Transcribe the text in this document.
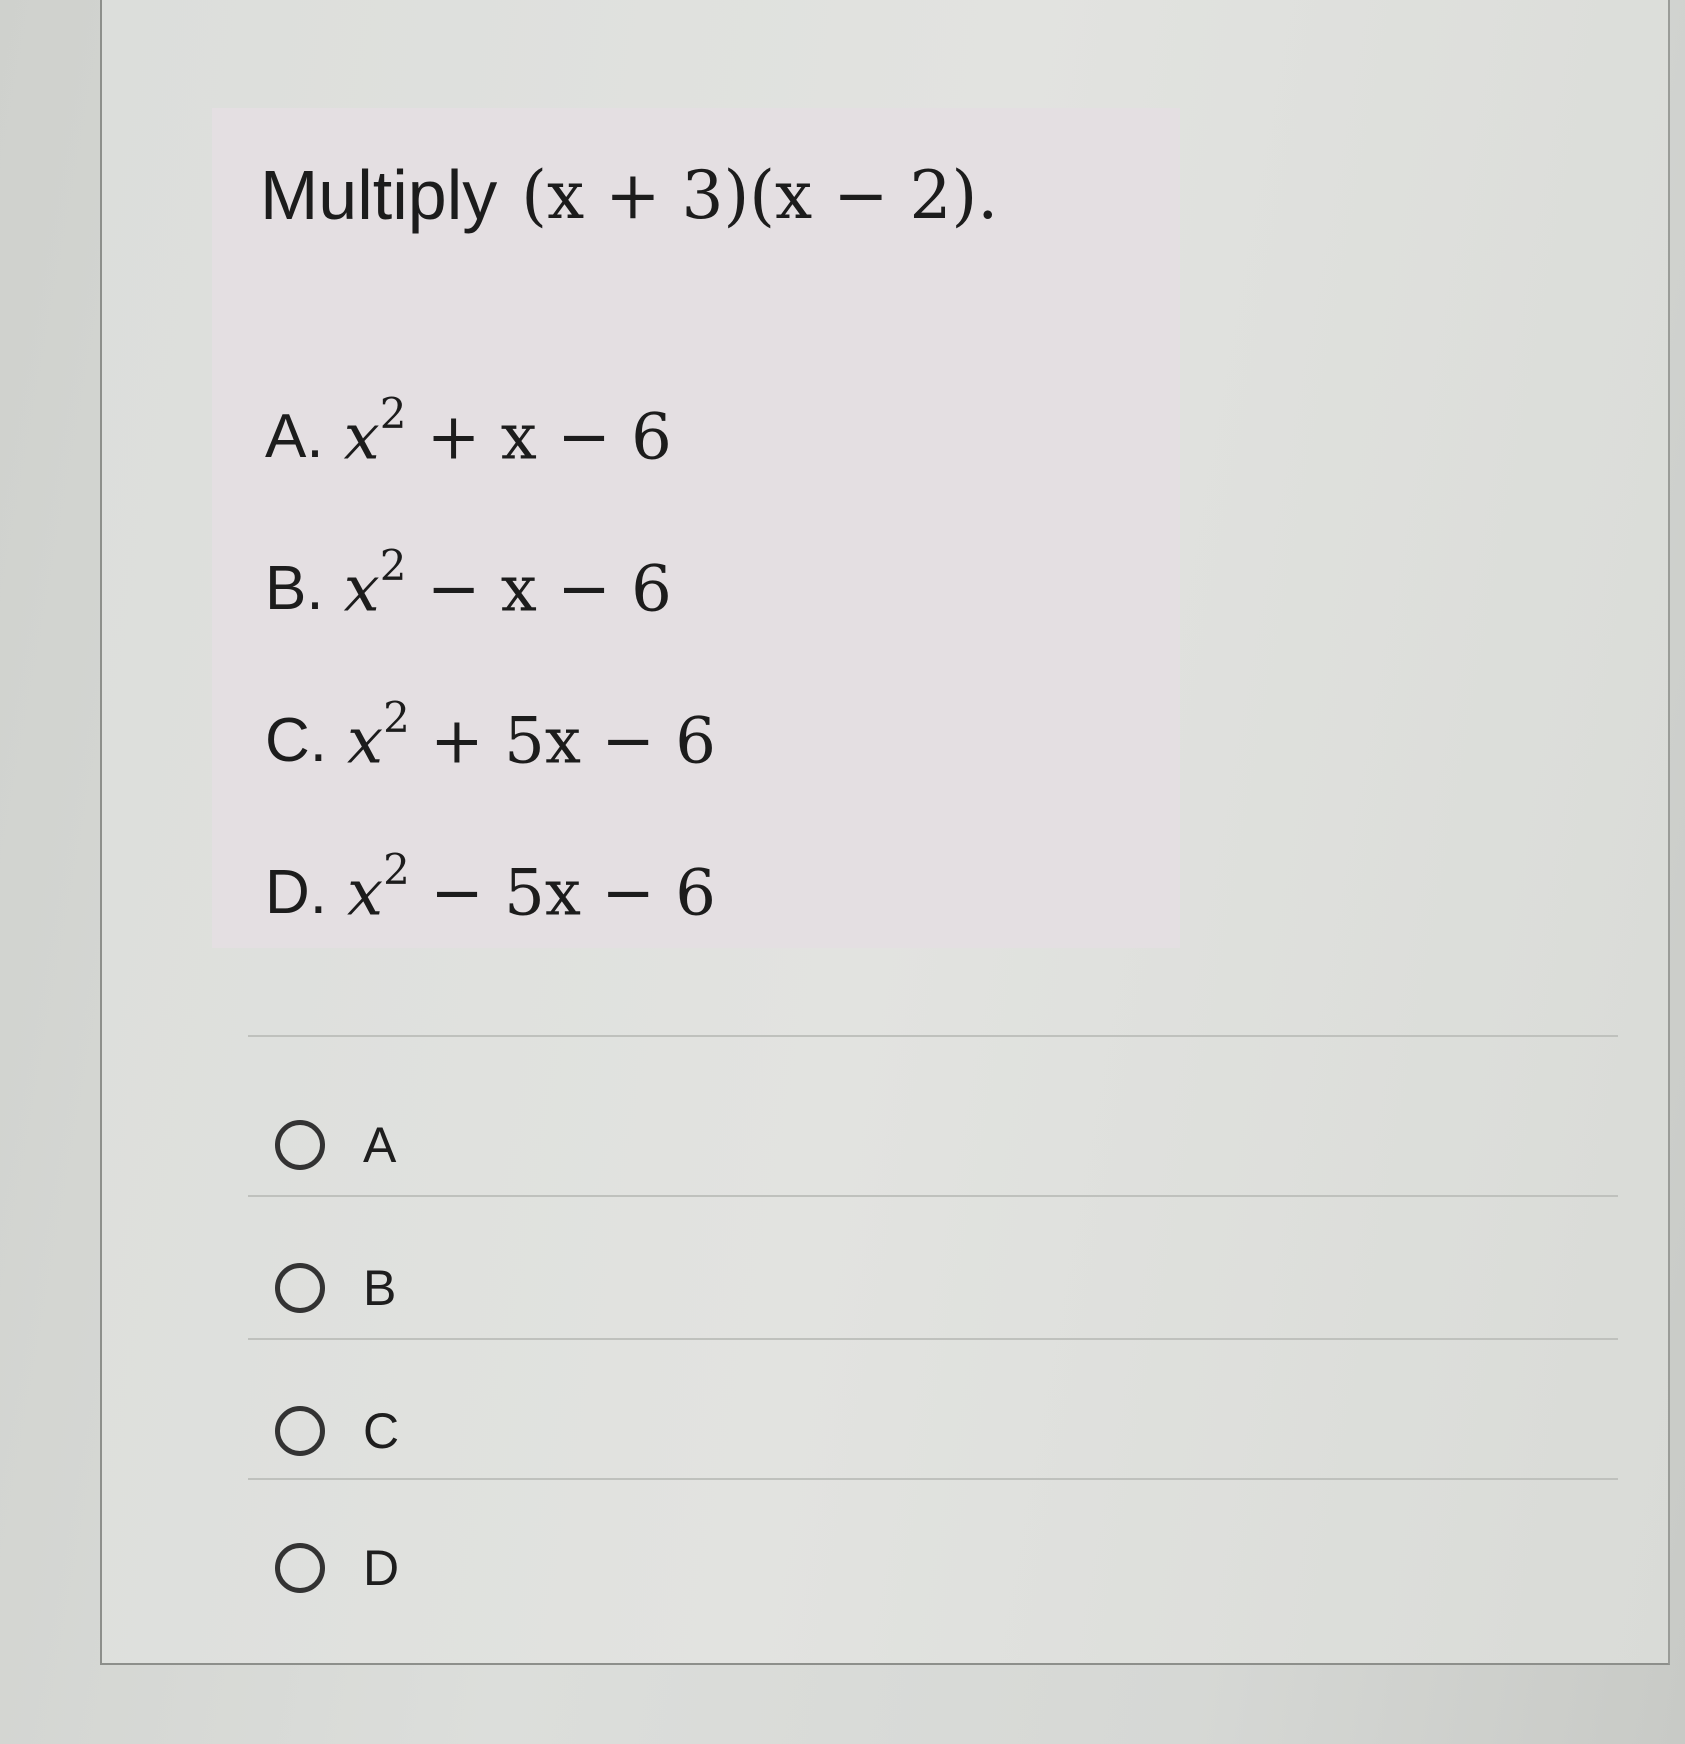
Multiply (x + 3)(x − 2).
A. $x^2 + x - 6$
B. $x^2 - x - 6$
C. $x^2 + 5x - 6$
D. $x^2 - 5x - 6$
A
B
C
D
